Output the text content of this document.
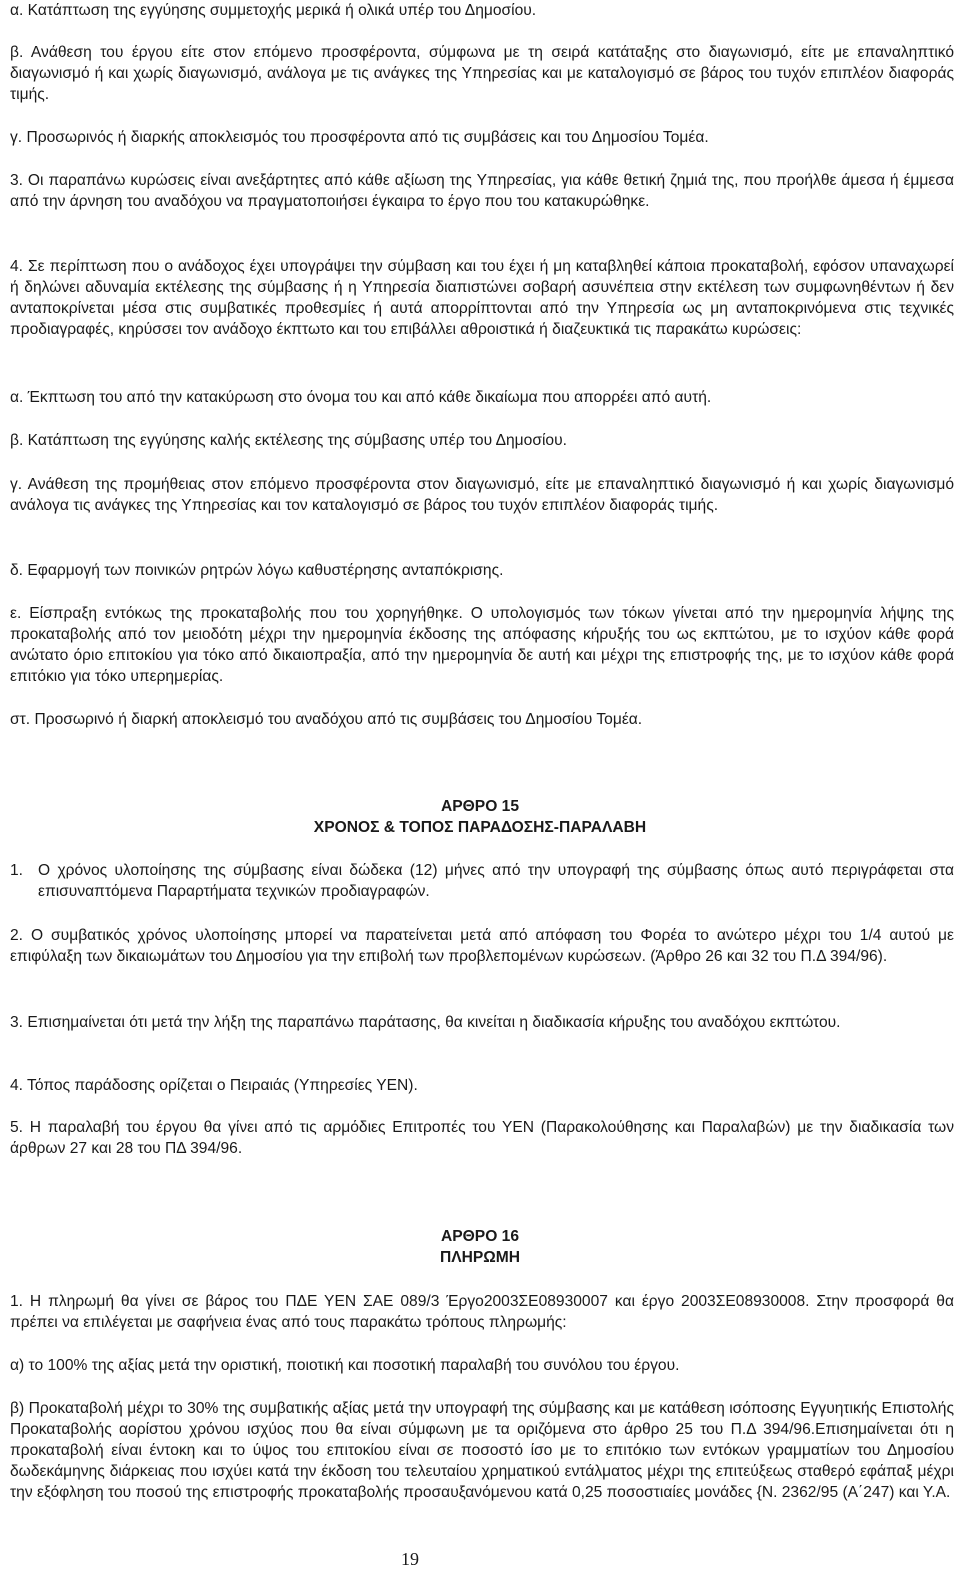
α. Κατάπτωση της εγγύησης συμμετοχής μερικά ή ολικά υπέρ του Δημοσίου.

β. Ανάθεση του έργου είτε στον επόμενο προσφέροντα, σύμφωνα με τη σειρά κατάταξης στο διαγωνισμό, είτε με επαναληπτικό διαγωνισμό ή και χωρίς διαγωνισμό, ανάλογα με τις ανάγκες της Υπηρεσίας και με καταλογισμό σε βάρος του τυχόν επιπλέον διαφοράς τιμής.

γ. Προσωρινός ή διαρκής αποκλεισμός του προσφέροντα από τις συμβάσεις και του Δημοσίου Τομέα.

3. Οι παραπάνω κυρώσεις είναι ανεξάρτητες από κάθε αξίωση της Υπηρεσίας, για κάθε θετική ζημιά της, που προήλθε άμεσα ή έμμεσα από την άρνηση του αναδόχου να πραγματοποιήσει έγκαιρα το έργο που του κατακυρώθηκε.

4. Σε περίπτωση που ο ανάδοχος έχει υπογράψει την σύμβαση και του έχει ή μη καταβληθεί κάποια προκαταβολή, εφόσον υπαναχωρεί ή δηλώνει αδυναμία εκτέλεσης της σύμβασης ή η Υπηρεσία διαπιστώνει σοβαρή ασυνέπεια στην εκτέλεση των συμφωνηθέντων ή δεν ανταποκρίνεται μέσα στις συμβατικές προθεσμίες ή αυτά απορρίπτονται από την Υπηρεσία ως μη ανταποκρινόμενα στις τεχνικές προδιαγραφές, κηρύσσει τον ανάδοχο έκπτωτο και του επιβάλλει αθροιστικά ή διαζευκτικά τις παρακάτω κυρώσεις:

α. Έκπτωση του από την κατακύρωση στο όνομα του και από κάθε δικαίωμα που απορρέει από αυτή.

β. Κατάπτωση της εγγύησης καλής εκτέλεσης της σύμβασης υπέρ του Δημοσίου.

γ. Ανάθεση της προμήθειας στον επόμενο προσφέροντα στον διαγωνισμό, είτε με επαναληπτικό διαγωνισμό ή και χωρίς διαγωνισμό ανάλογα τις ανάγκες της Υπηρεσίας και τον καταλογισμό σε βάρος του τυχόν επιπλέον διαφοράς τιμής.

δ. Εφαρμογή των ποινικών ρητρών λόγω καθυστέρησης ανταπόκρισης.

ε. Είσπραξη εντόκως της προκαταβολής που του χορηγήθηκε. Ο υπολογισμός των τόκων γίνεται από την ημερομηνία λήψης της προκαταβολής από τον μειοδότη μέχρι την ημερομηνία έκδοσης της απόφασης κήρυξής του ως εκπτώτου, με το ισχύον κάθε φορά ανώτατο όριο επιτοκίου για τόκο από δικαιοπραξία, από την ημερομηνία δε αυτή και μέχρι της επιστροφής της, με το ισχύον κάθε φορά επιτόκιο για τόκο υπερημερίας.

στ. Προσωρινό ή διαρκή αποκλεισμό του αναδόχου από τις συμβάσεις του Δημοσίου Τομέα.

ΑΡΘΡΟ 15
ΧΡΟΝΟΣ & ΤΟΠΟΣ ΠΑΡΑΔΟΣΗΣ-ΠΑΡΑΛΑΒΗ
1. Ο χρόνος υλοποίησης της σύμβασης είναι δώδεκα (12) μήνες από την υπογραφή της σύμβασης όπως αυτό περιγράφεται στα επισυναπτόμενα Παραρτήματα τεχνικών προδιαγραφών.

2. Ο συμβατικός χρόνος υλοποίησης μπορεί να παρατείνεται μετά από απόφαση του Φορέα το ανώτερο μέχρι του 1/4 αυτού με επιφύλαξη των δικαιωμάτων του Δημοσίου για την επιβολή των προβλεπομένων κυρώσεων. (Άρθρο 26 και 32 του Π.Δ 394/96).

3. Επισημαίνεται ότι μετά την λήξη της παραπάνω παράτασης, θα κινείται η διαδικασία κήρυξης του αναδόχου εκπτώτου.

4. Τόπος παράδοσης ορίζεται ο Πειραιάς (Υπηρεσίες ΥΕΝ).

5. Η παραλαβή του έργου θα γίνει από τις αρμόδιες Επιτροπές του ΥΕΝ (Παρακολούθησης και Παραλαβών) με την διαδικασία των άρθρων 27 και 28 του ΠΔ 394/96.

ΑΡΘΡΟ 16
ΠΛΗΡΩΜΗ

1. Η πληρωμή θα γίνει σε βάρος του ΠΔΕ ΥΕΝ ΣΑΕ 089/3 Έργο2003ΣΕ08930007 και έργο 2003ΣΕ08930008. Στην προσφορά θα πρέπει να επιλέγεται με σαφήνεια ένας από τους παρακάτω τρόπους πληρωμής:

α) το 100% της αξίας μετά την οριστική, ποιοτική και ποσοτική παραλαβή του συνόλου του έργου.

β) Προκαταβολή μέχρι το 30% της συμβατικής αξίας μετά την υπογραφή της σύμβασης και με κατάθεση ισόποσης Εγγυητικής Επιστολής Προκαταβολής αορίστου χρόνου ισχύος που θα είναι σύμφωνη με τα οριζόμενα στο άρθρο 25 του Π.Δ 394/96.Επισημαίνεται ότι η προκαταβολή είναι έντοκη και το ύψος του επιτοκίου είναι σε ποσοστό ίσο με το επιτόκιο των εντόκων γραμματίων του Δημοσίου δωδεκάμηνης διάρκειας που ισχύει κατά την έκδοση του τελευταίου χρηματικού εντάλματος μέχρι της επιτεύξεως σταθερό εφάπαξ μέχρι την εξόφληση του ποσού της επιστροφής προκαταβολής προσαυξανόμενου κατά 0,25 ποσοστιαίες μονάδες {Ν. 2362/95 (Α΄247) και Υ.Α.

19
